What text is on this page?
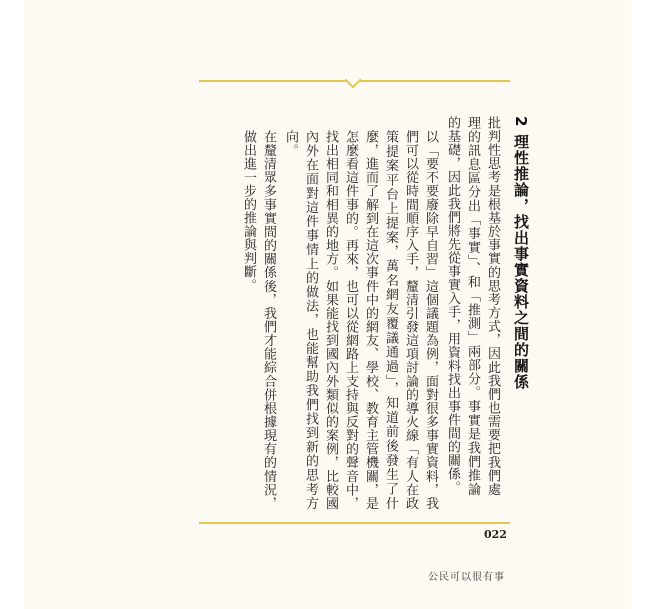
2 理性推論，找出事實資料之間的關係
批判性思考是根基於事實的思考方式，因此我們也需要把我們處理的訊息區分出「事實」、和「推測」兩部分。事實是我們推論的基礎，因此我們將先從事實入手，用資料找出事件間的關係。
以「要不要廢除早自習」這個議題為例，面對很多事實資料，我們可以從時間順序入手，釐清引發這項討論的導火線「有人在政策提案平台上提案，萬名網友覆議通過」，知道前後發生了什麼，進而了解到在這次事件中的網友、學校、教育主管機關，是怎麼看這件事的。再來，也可以從網路上支持與反對的聲音中，找出相同和相異的地方。如果能找到國內外類似的案例，比較國內外在面對這件事情上的做法，也能幫助我們找到新的思考方向。
在釐清眾多事實間的關係後，我們才能綜合併根據現有的情況，做出進一步的推論與判斷。
022
公民可以很有事
